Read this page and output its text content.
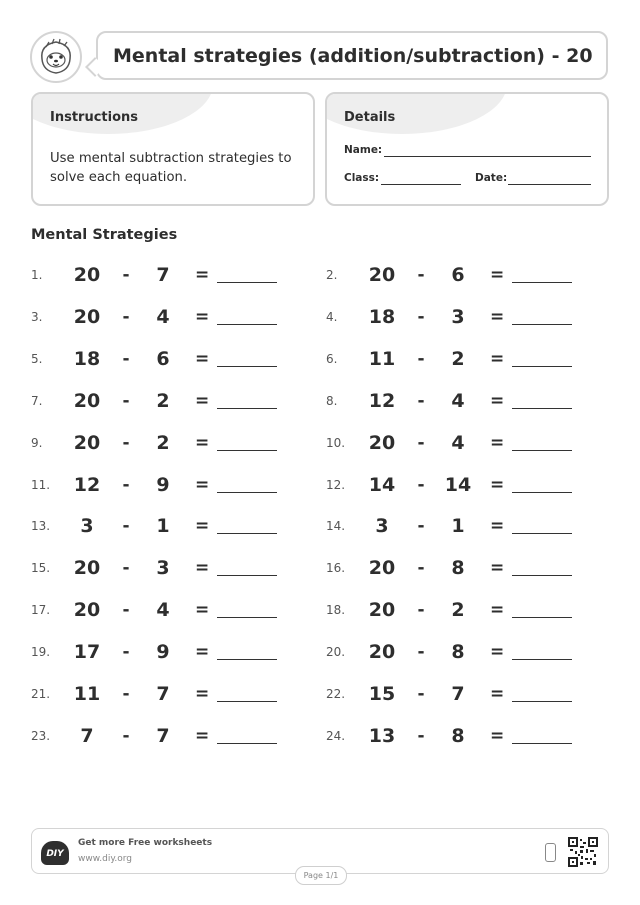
Mental strategies (addition/subtraction) - 20
Instructions
Use mental subtraction strategies to solve each equation.
Details
Name:
Class:	Date:
Mental Strategies
1. 20 -	7	=	2. 20 -	6	=
3. 20 -	4	=	4. 18 -	3	=
5. 18 -	6	=	6. 11 -	2	=
7. 20 -	2	=	8. 12 -	4	=
9. 20 -	2	=	10. 20 -	4	=
11. 12 -	9	=	12. 14 - 14 =
13.	3	-	1	=	14.	3	-	1	=
15. 20 -	3	=	16. 20 -	8	=
17. 20 -	4	=	18. 20 -	2	=
19. 17 -	9	=	20. 20 -	8	=
21. 11 -	7	=	22. 15 -	7	=
23.	7	-	7	=	24. 13 -	8	=
DIY
Get more Free worksheets
www.diy.org
Page 1/1
